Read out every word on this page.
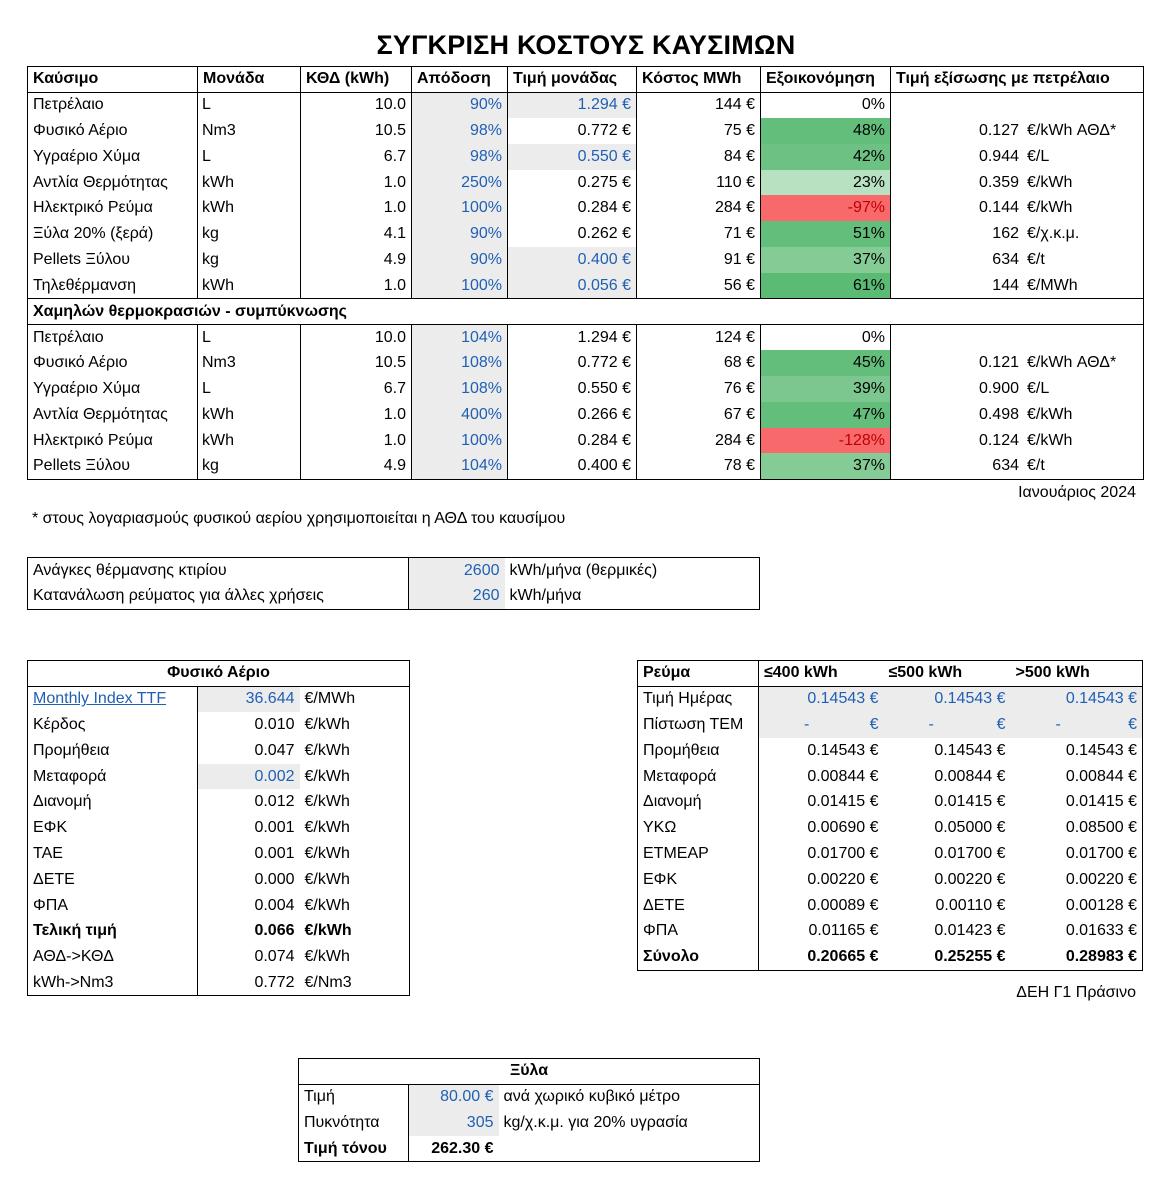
ΣΥΓΚΡΙΣΗ ΚΟΣΤΟΥΣ ΚΑΥΣΙΜΩΝ
Καύσιμο	Μονάδα	ΚΘΔ (kWh)	Απόδοση	Τιμή μονάδας	Κόστος MWh	Εξοικονόμηση	Τιμή εξίσωσης με πετρέλαιο
Πετρέλαιο	L	10.0	90%	1.294 €	144 €	0%	

Φυσικό Αέριο	Nm3	10.5	98%	0.772 €	75 €	48%	0.127 €/kWh ΑΘΔ*

Υγραέριο Χύμα	L	6.7	98%	0.550 €	84 €	42%	0.944 €/L

Αντλία Θερμότητας	kWh	1.0	250%	0.275 €	110 €	23%	0.359 €/kWh

Ηλεκτρικό Ρεύμα	kWh	1.0	100%	0.284 €	284 €	-97%	0.144 €/kWh

Ξύλα 20% (ξερά)	kg	4.1	90%	0.262 €	71 €	51%	162 €/χ.κ.μ.

Pellets Ξύλου	kg	4.9	90%	0.400 €	91 €	37%	634 €/t

Τηλεθέρμανση	kWh	1.0	100%	0.056 €	56 €	61%	144 €/MWh

Χαμηλών θερμοκρασιών - συμπύκνωσης							
Πετρέλαιο	L	10.0	104%	1.294 €	124 €	0%	

Φυσικό Αέριο	Nm3	10.5	108%	0.772 €	68 €	45%	0.121 €/kWh ΑΘΔ*

Υγραέριο Χύμα	L	6.7	108%	0.550 €	76 €	39%	0.900 €/L

Αντλία Θερμότητας	kWh	1.0	400%	0.266 €	67 €	47%	0.498 €/kWh

Ηλεκτρικό Ρεύμα	kWh	1.0	100%	0.284 €	284 €	-128%	0.124 €/kWh

Pellets Ξύλου	kg	4.9	104%	0.400 €	78 €	37%	634 €/t
Ιανουάριος 2024
* στους λογαριασμούς φυσικού αερίου χρησιμοποιείται η ΑΘΔ του καυσίμου
Ανάγκες θέρμανσης κτιρίου	2600	kWh/μήνα (θερμικές)
Κατανάλωση ρεύματος για άλλες χρήσεις	260	kWh/μήνα
Φυσικό Αέριο		
Monthly Index TTF	36.644	€/MWh
Κέρδος	0.010	€/kWh
Προμήθεια	0.047	€/kWh
Μεταφορά	0.002	€/kWh
Διανομή	0.012	€/kWh
ΕΦΚ	0.001	€/kWh
ΤΑΕ	0.001	€/kWh
ΔΕΤΕ	0.000	€/kWh
ΦΠΑ	0.004	€/kWh
Τελική τιμή	0.066	€/kWh
ΑΘΔ->ΚΘΔ	0.074	€/kWh
kWh->Nm3	0.772	€/Nm3
Ρεύμα	≤400 kWh	≤500 kWh	>500 kWh
Τιμή Ημέρας	0.14543 €	0.14543 €	0.14543 €
Πίστωση ΤΕΜ	- €	- €	- €

Προμήθεια	0.14543 €	0.14543 €	0.14543 €
Μεταφορά	0.00844 €	0.00844 €	0.00844 €
Διανομή	0.01415 €	0.01415 €	0.01415 €
ΥΚΩ	0.00690 €	0.05000 €	0.08500 €
ΕΤΜΕΑΡ	0.01700 €	0.01700 €	0.01700 €
ΕΦΚ	0.00220 €	0.00220 €	0.00220 €
ΔΕΤΕ	0.00089 €	0.00110 €	0.00128 €
ΦΠΑ	0.01165 €	0.01423 €	0.01633 €
Σύνολο	0.20665 €	0.25255 €	0.28983 €
ΔΕΗ Γ1 Πράσινο
Ξύλα		
Τιμή	80.00 €	ανά χωρικό κυβικό μέτρο
Πυκνότητα	305	kg/χ.κ.μ. για 20% υγρασία
Τιμή τόνου	262.30 €	
